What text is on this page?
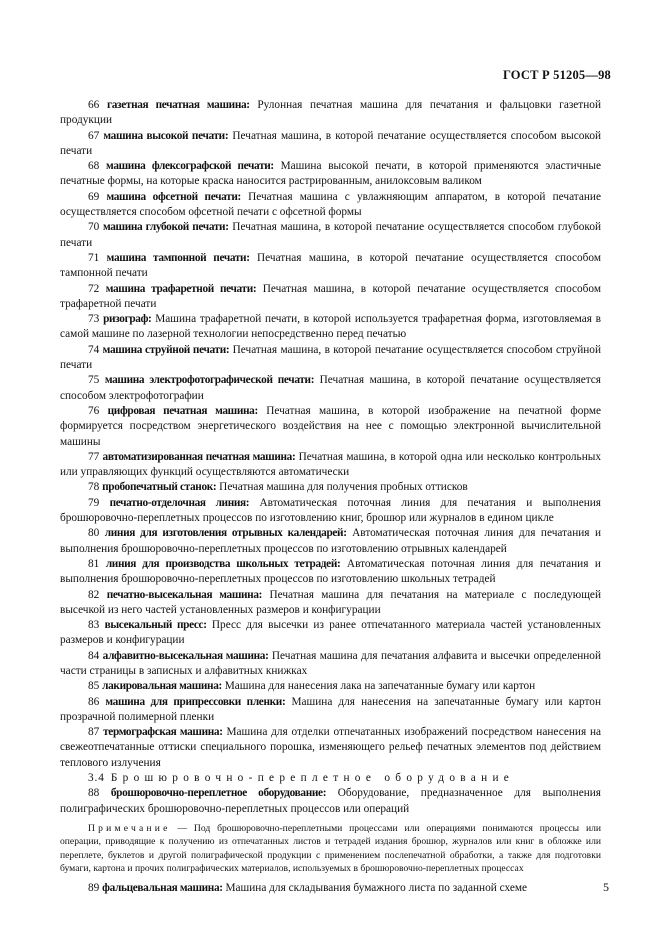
ГОСТ Р 51205—98

66 газетная печатная машина: Рулонная печатная машина для печатания и фальцовки газетной продукции

67 машина высокой печати: Печатная машина, в которой печатание осуществляется способом высокой печати

68 машина флексографской печати: Машина высокой печати, в которой применяются эластичные печатные формы, на которые краска наносится растрированным, анилоксовым валиком

69 машина офсетной печати: Печатная машина с увлажняющим аппаратом, в которой печатание осуществляется способом офсетной печати с офсетной формы

70 машина глубокой печати: Печатная машина, в которой печатание осуществляется способом глубокой печати

71 машина тампонной печати: Печатная машина, в которой печатание осуществляется способом тампонной печати

72 машина трафаретной печати: Печатная машина, в которой печатание осуществляется способом трафаретной печати

73 ризограф: Машина трафаретной печати, в которой используется трафаретная форма, изготовляемая в самой машине по лазерной технологии непосредственно перед печатью

74 машина струйной печати: Печатная машина, в которой печатание осуществляется способом струйной печати

75 машина электрофотографической печати: Печатная машина, в которой печатание осуществляется способом электрофотографии

76 цифровая печатная машина: Печатная машина, в которой изображение на печатной форме формируется посредством энергетического воздействия на нее с помощью электронной вычислительной машины

77 автоматизированная печатная машина: Печатная машина, в которой одна или несколько контрольных или управляющих функций осуществляются автоматически

78 пробопечатный станок: Печатная машина для получения пробных оттисков

79 печатно-отделочная линия: Автоматическая поточная линия для печатания и выполнения брошюровочно-переплетных процессов по изготовлению книг, брошюр или журналов в едином цикле

80 линия для изготовления отрывных календарей: Автоматическая поточная линия для печатания и выполнения брошюровочно-переплетных процессов по изготовлению отрывных календарей

81 линия для производства школьных тетрадей: Автоматическая поточная линия для печатания и выполнения брошюровочно-переплетных процессов по изготовлению школьных тетрадей

82 печатно-высекальная машина: Печатная машина для печатания на материале с последующей высечкой из него частей установленных размеров и конфигурации

83 высекальный пресс: Пресс для высечки из ранее отпечатанного материала частей установленных размеров и конфигурации

84 алфавитно-высекальная машина: Печатная машина для печатания алфавита и высечки определенной части страницы в записных и алфавитных книжках

85 лакировальная машина: Машина для нанесения лака на запечатанные бумагу или картон

86 машина для припрессовки пленки: Машина для нанесения на запечатанные бумагу или картон прозрачной полимерной пленки

87 термографская машина: Машина для отделки отпечатанных изображений посредством нанесения на свежеотпечатанные оттиски специального порошка, изменяющего рельеф печатных элементов под действием теплового излучения

3.4 Брошюровочно-переплетное оборудование

88 брошюровочно-переплетное оборудование: Оборудование, предназначенное для выполнения полиграфических брошюровочно-переплетных процессов или операций

Примечание — Под брошюровочно-переплетными процессами или операциями понимаются процессы или операции, приводящие к получению из отпечатанных листов и тетрадей издания брошюр, журналов или книг в обложке или переплете, буклетов и другой полиграфической продукции с применением послепечатной обработки, а также для подготовки бумаги, картона и прочих полиграфических материалов, используемых в брошюровочно-переплетных процессах

89 фальцевальная машина: Машина для складывания бумажного листа по заданной схеме	5
